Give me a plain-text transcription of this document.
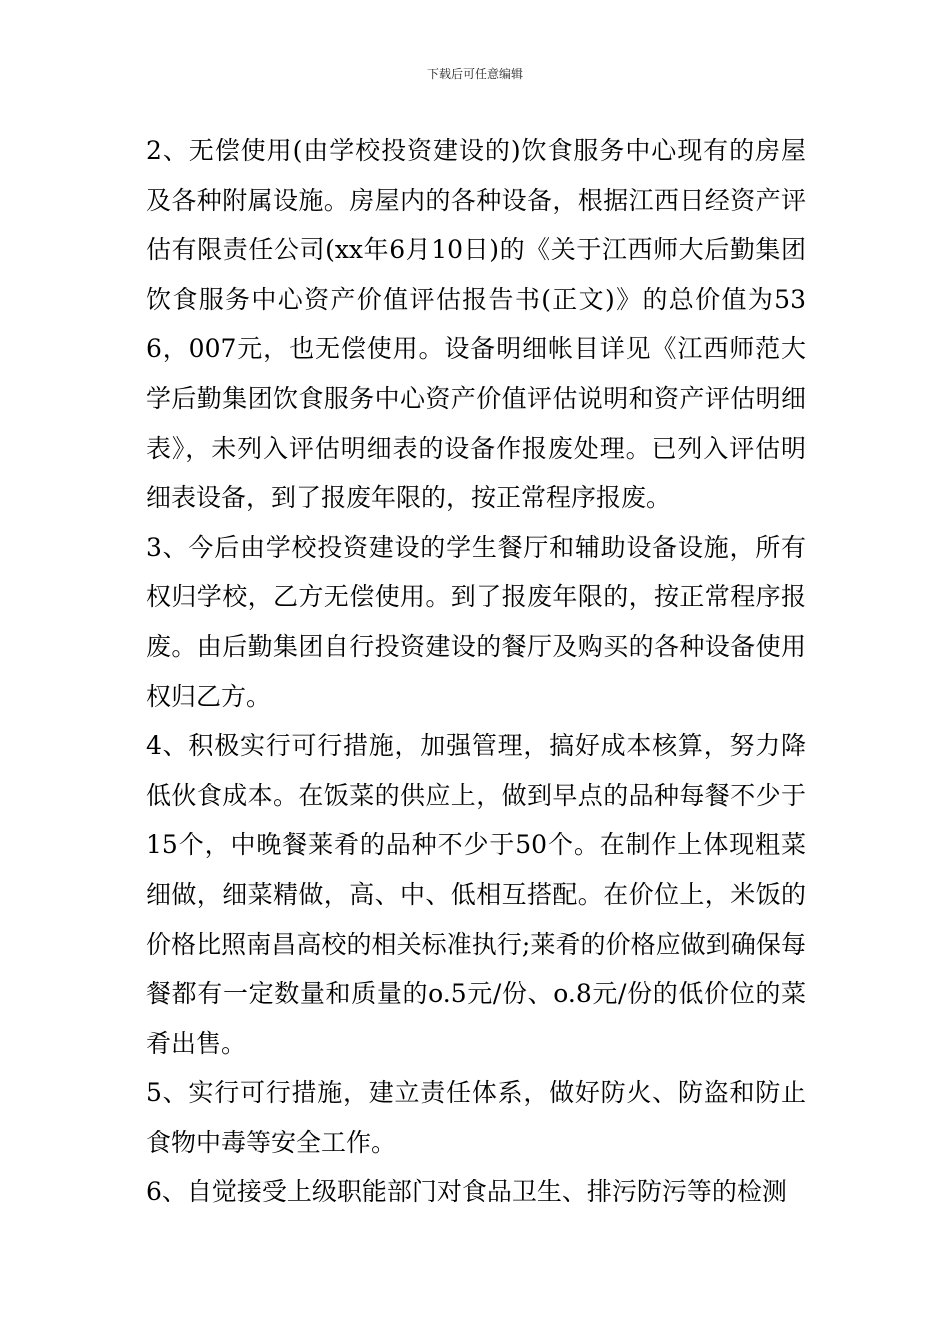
下载后可任意编辑

2、无偿使用(由学校投资建设的)饮食服务中心现有的房屋及各种附属设施。房屋内的各种设备，根据江西日经资产评估有限责任公司(xx年6月10日)的《关于江西师大后勤集团饮食服务中心资产价值评估报告书(正文)》的总价值为536，007元，也无偿使用。设备明细帐目详见《江西师范大学后勤集团饮食服务中心资产价值评估说明和资产评估明细表》，未列入评估明细表的设备作报废处理。已列入评估明细表设备，到了报废年限的，按正常程序报废。

3、今后由学校投资建设的学生餐厅和辅助设备设施，所有权归学校，乙方无偿使用。到了报废年限的，按正常程序报废。由后勤集团自行投资建设的餐厅及购买的各种设备使用权归乙方。

4、积极实行可行措施，加强管理，搞好成本核算，努力降低伙食成本。在饭菜的供应上，做到早点的品种每餐不少于15个，中晚餐莱肴的品种不少于50个。在制作上体现粗菜细做，细菜精做，高、中、低相互搭配。在价位上，米饭的价格比照南昌高校的相关标准执行;莱肴的价格应做到确保每餐都有一定数量和质量的o.5元/份、o.8元/份的低价位的菜肴出售。

5、实行可行措施，建立责任体系，做好防火、防盗和防止食物中毒等安全工作。

6、自觉接受上级职能部门对食品卫生、排污防污等的检测
